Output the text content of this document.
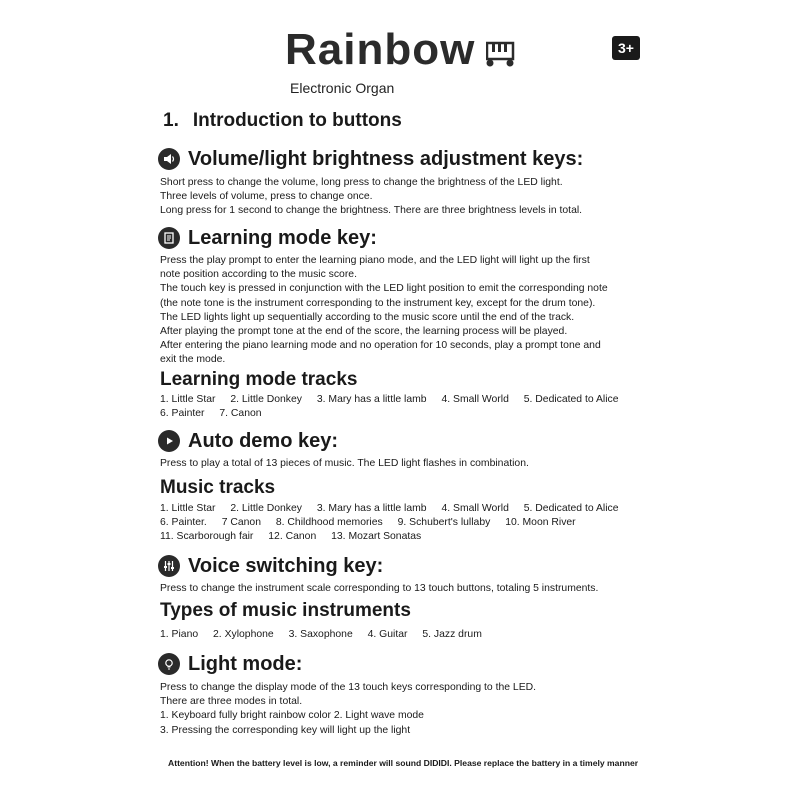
Rainbow
Electronic Organ
3+
1. Introduction to buttons
Volume/light brightness adjustment keys:
Short press to change the volume, long press to change the brightness of the LED light.
Three levels of volume, press to change once.
Long press for 1 second to change the brightness. There are three brightness levels in total.
Learning mode key:
Press the play prompt to enter the learning piano mode, and the LED light will light up the first
note position according to the music score.
The touch key is pressed in conjunction with the LED light position to emit the corresponding note
(the note tone is the instrument corresponding to the instrument key, except for the drum tone).
The LED lights light up sequentially according to the music score until the end of the track.
After playing the prompt tone at the end of the score, the learning process will be played.
After entering the piano learning mode and no operation for 10 seconds, play a prompt tone and
exit the mode.
Learning mode tracks
1. Little Star 2. Little Donkey 3. Mary has a little lamb 4. Small World 5. Dedicated to Alice
6. Painter 7. Canon
Auto demo key:
Press to play a total of 13 pieces of music. The LED light flashes in combination.
Music tracks
1. Little Star 2. Little Donkey 3. Mary has a little lamb 4. Small World 5. Dedicated to Alice
6. Painter. 7 Canon 8. Childhood memories 9. Schubert's lullaby 10. Moon River
11. Scarborough fair 12. Canon 13. Mozart Sonatas
Voice switching key:
Press to change the instrument scale corresponding to 13 touch buttons, totaling 5 instruments.
Types of music instruments
1. Piano 2. Xylophone 3. Saxophone 4. Guitar 5. Jazz drum
Light mode:
Press to change the display mode of the 13 touch keys corresponding to the LED.
There are three modes in total.
1. Keyboard fully bright rainbow color 2. Light wave mode
3. Pressing the corresponding key will light up the light
Attention! When the battery level is low, a reminder will sound DIDIDI. Please replace the battery in a timely manner
